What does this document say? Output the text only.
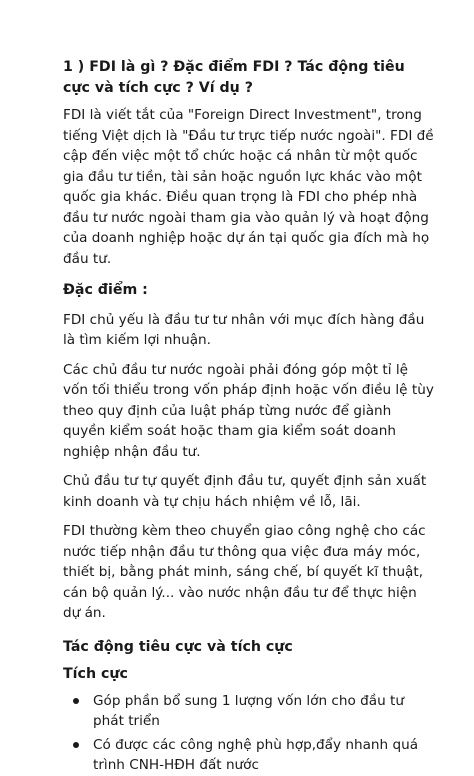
1 ) FDI là gì ? Đặc điểm FDI ? Tác động tiêu cực và tích cực ? Ví dụ ?

FDI là viết tắt của "Foreign Direct Investment", trong tiếng Việt dịch là "Đầu tư trực tiếp nước ngoài". FDI đề cập đến việc một tổ chức hoặc cá nhân từ một quốc gia đầu tư tiền, tài sản hoặc nguồn lực khác vào một quốc gia khác. Điều quan trọng là FDI cho phép nhà đầu tư nước ngoài tham gia vào quản lý và hoạt động của doanh nghiệp hoặc dự án tại quốc gia đích mà họ đầu tư.

Đặc điểm :

FDI chủ yếu là đầu tư tư nhân với mục đích hàng đầu là tìm kiếm lợi nhuận.

Các chủ đầu tư nước ngoài phải đóng góp một tỉ lệ vốn tối thiểu trong vốn pháp định hoặc vốn điều lệ tùy theo quy định của luật pháp từng nước để giành quyền kiểm soát hoặc tham gia kiểm soát doanh nghiệp nhận đầu tư.

Chủ đầu tư tự quyết định đầu tư, quyết định sản xuất kinh doanh và tự chịu hách nhiệm về lỗ, lãi.

FDI thường kèm theo chuyển giao công nghệ cho các nước tiếp nhận đầu tư thông qua việc đưa máy móc, thiết bị, bằng phát minh, sáng chế, bí quyết kĩ thuật, cán bộ quản lý... vào nước nhận đầu tư để thực hiện dự án.

Tác động tiêu cực và tích cực

Tích cực

Góp phần bổ sung 1 lượng vốn lớn cho đầu tư phát triển
Có được các công nghệ phù hợp,đẩy nhanh quá trình CNH-HĐH đất nước
